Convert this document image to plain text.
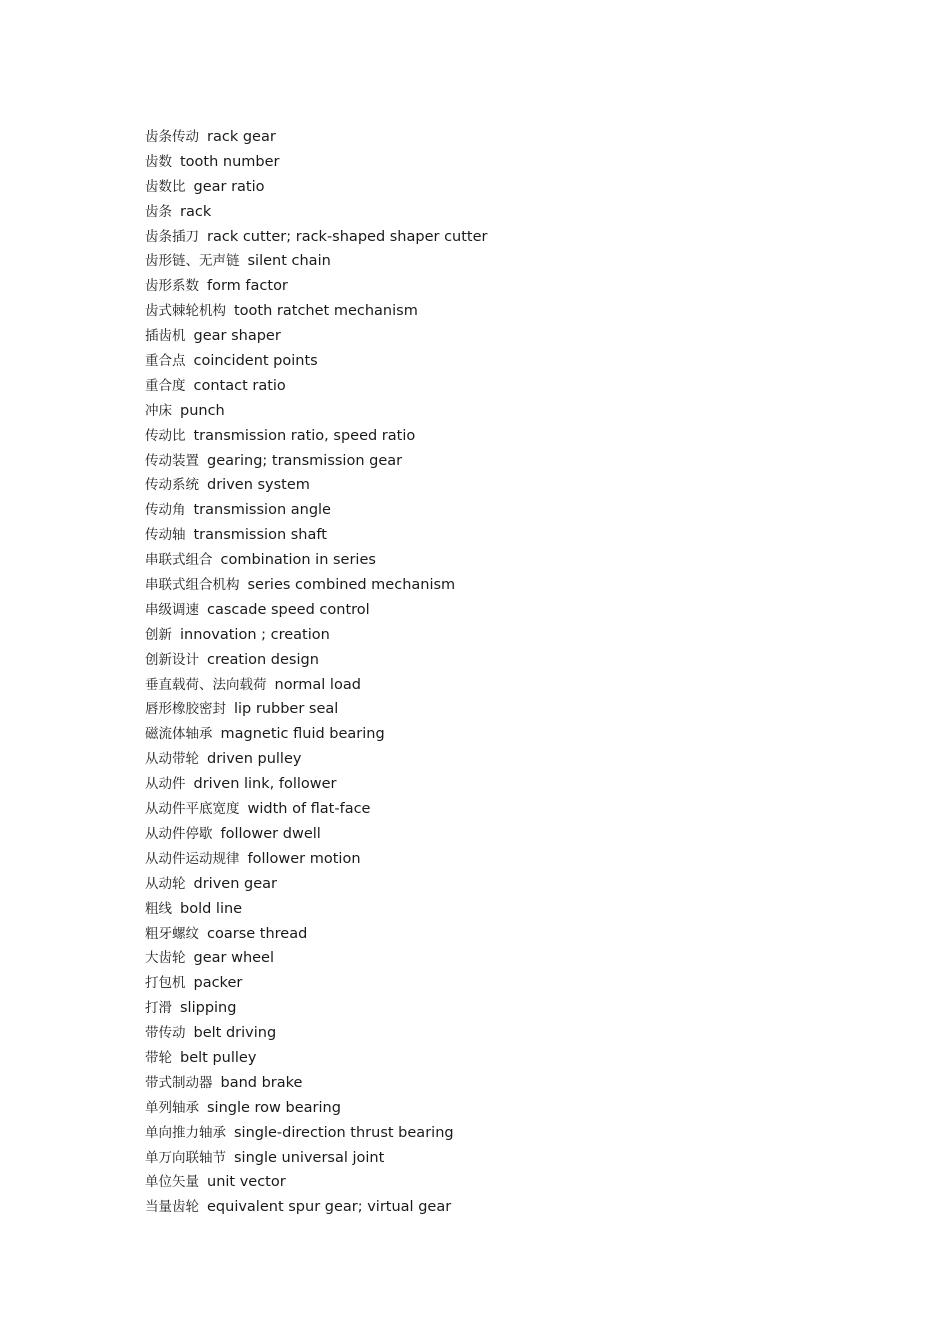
齿条传动 rack gear
齿数 tooth number
齿数比 gear ratio
齿条 rack
齿条插刀 rack cutter; rack-shaped shaper cutter
齿形链、无声链 silent chain
齿形系数 form factor
齿式棘轮机构 tooth ratchet mechanism
插齿机 gear shaper
重合点 coincident points
重合度 contact ratio
冲床 punch
传动比 transmission ratio, speed ratio
传动装置 gearing; transmission gear
传动系统 driven system
传动角 transmission angle
传动轴 transmission shaft
串联式组合 combination in series
串联式组合机构 series combined mechanism
串级调速 cascade speed control
创新 innovation ; creation
创新设计 creation design
垂直载荷、法向载荷 normal load
唇形橡胶密封 lip rubber seal
磁流体轴承 magnetic fluid bearing
从动带轮 driven pulley
从动件 driven link, follower
从动件平底宽度 width of flat-face
从动件停歇 follower dwell
从动件运动规律 follower motion
从动轮 driven gear
粗线 bold line
粗牙螺纹 coarse thread
大齿轮 gear wheel
打包机 packer
打滑 slipping
带传动 belt driving
带轮 belt pulley
带式制动器 band brake
单列轴承 single row bearing
单向推力轴承 single-direction thrust bearing
单万向联轴节 single universal joint
单位矢量 unit vector
当量齿轮 equivalent spur gear; virtual gear
